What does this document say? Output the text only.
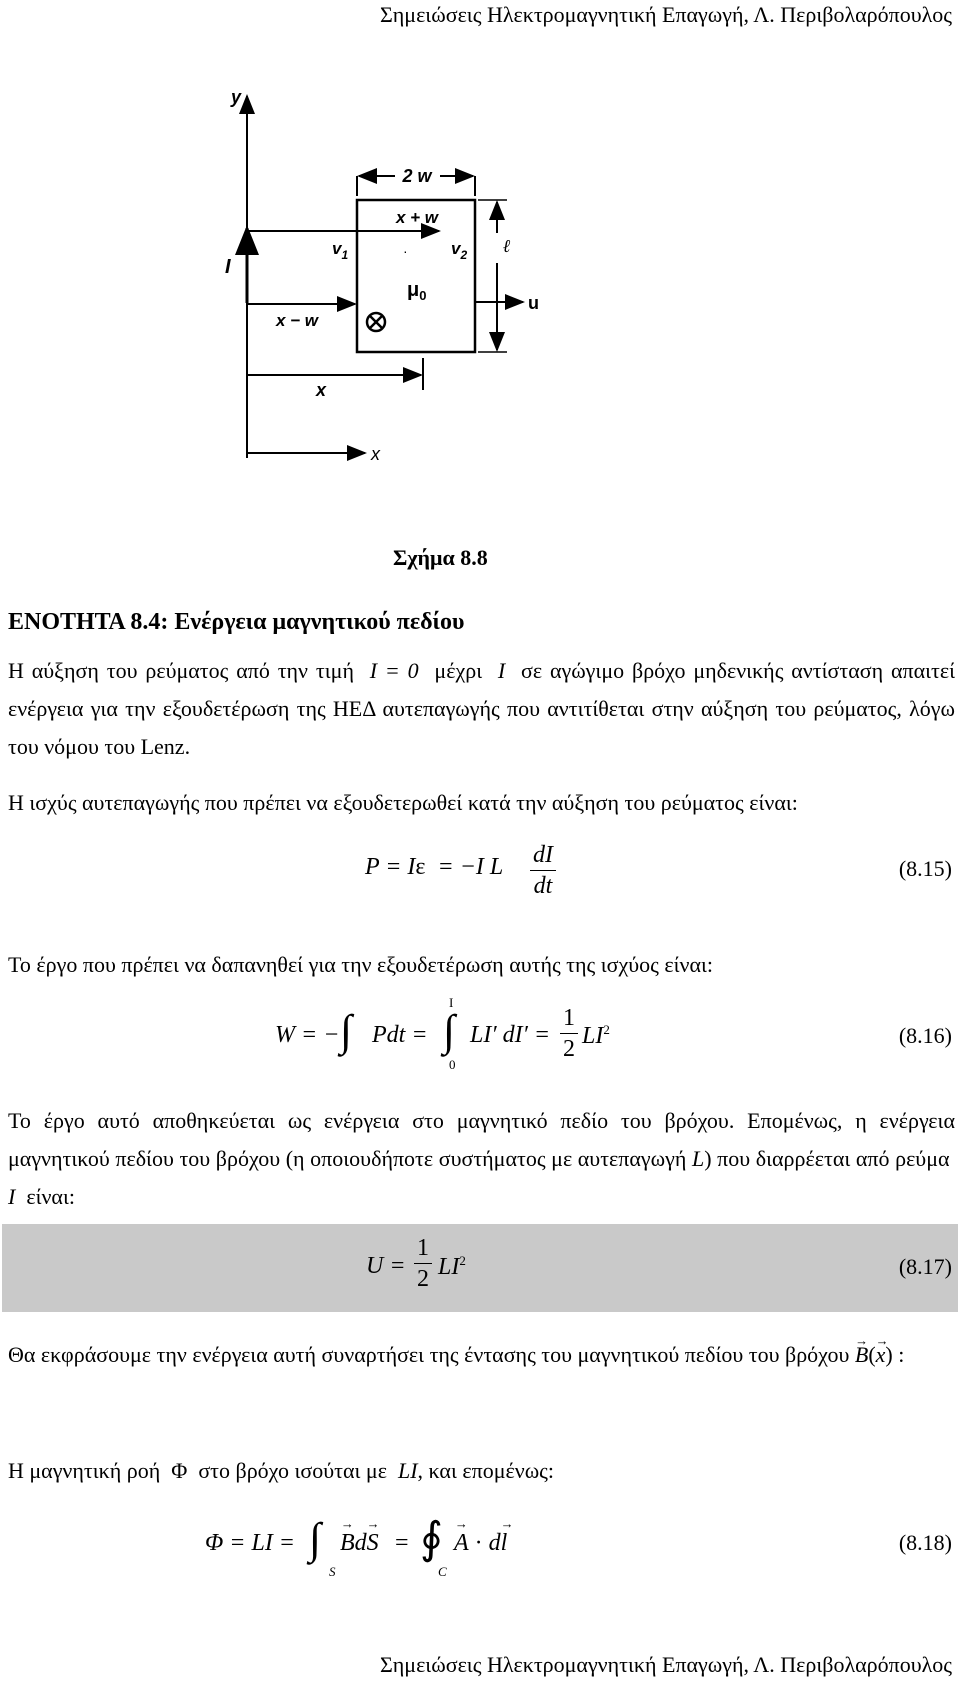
Σημειώσεις Ηλεκτρομαγνητική Επαγωγή, Λ. Περιβολαρόπουλος
y
x
I
2 w
x + w
$v_1$	$v_2$
·
$\mu_0$
x − w
ℓ
u
x
Σχήμα 8.8
ΕΝΟΤΗΤΑ 8.4: Ενέργεια μαγνητικού πεδίου
Η αύξηση του ρεύματος από την τιμή I = 0 μέχρι I σε αγώγιμο βρόχο μηδενικής αντίσταση απαιτεί ενέργεια για την εξουδετέρωση της ΗΕΔ αυτεπαγωγής που αντιτίθεται στην αύξηση του ρεύματος, λόγω του νόμου του Lenz.
Η ισχύς αυτεπαγωγής που πρέπει να εξουδετερωθεί κατά την αύξηση του ρεύματος είναι:
P = Iε = −I L $\frac{dI}{dt}$	(8.15)
Το έργο που πρέπει να δαπανηθεί για την εξουδετέρωση αυτής της ισχύος είναι:
W = − ∫ Pdt =
I
∫
0
LI′ $dI' = \frac{1}{2} LI^2$	(8.16)
Το έργο αυτό αποθηκεύεται ως ενέργεια στο μαγνητικό πεδίο του βρόχου. Επομένως, η ενέργεια μαγνητικού πεδίου του βρόχου (η οποιουδήποτε συστήματος με αυτεπαγωγή L) που διαρρέεται από ρεύμα  I είναι:
$U = \frac{1}{2} LI^2$	(8.17)
Θα εκφράσουμε την ενέργεια αυτή συναρτήσει της έντασης του μαγνητικού πεδίου του βρόχου → B(→ x) :
Η μαγνητική ροή Φ στο βρόχο ισούται με LI, και επομένως:
Φ = LI = ∫
S
→ Bd→ S = ∮
C
→ A · d→ l	(8.18)
Σημειώσεις Ηλεκτρομαγνητική Επαγωγή, Λ. Περιβολαρόπουλος
